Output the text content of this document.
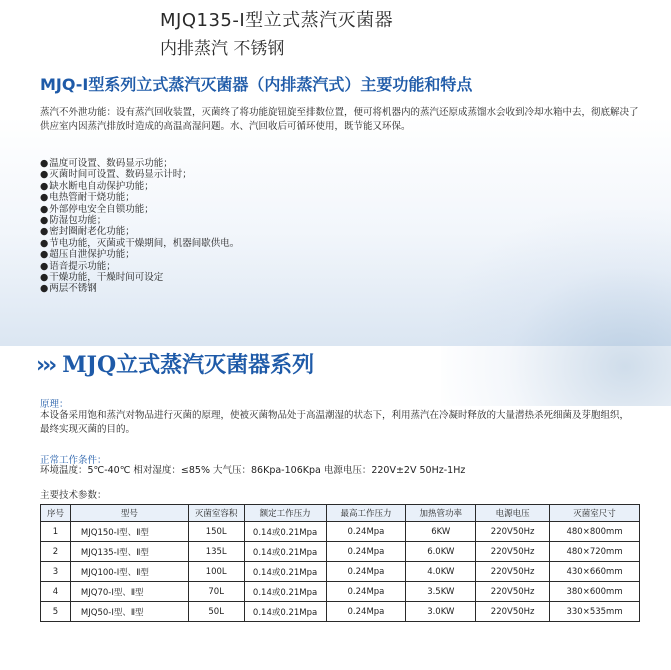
MJQ135-Ⅰ型立式蒸汽灭菌器
内排蒸汽 不锈钢
MJQ-Ⅰ型系列立式蒸汽灭菌器（内排蒸汽式）主要功能和特点
蒸汽不外泄功能：设有蒸汽回收装置，灭菌终了将功能旋钮旋至排数位置，便可将机器内的蒸汽还原成蒸馏水会收到冷却水箱中去，彻底解决了供应室内因蒸汽排放时造成的高温高湿问题。水、汽回收后可循环使用，既节能又环保。
● 温度可设置、数码显示功能；
● 灭菌时间可设置、数码显示计时；
● 缺水断电自动保护功能；
● 电热管耐干烧功能；
● 外部停电安全自锁功能；
● 防湿包功能；
● 密封圈耐老化功能；
● 节电功能，灭菌或干燥期间，机器间歇供电。
● 超压自泄保护功能；
● 语音提示功能；
● 干燥功能，干燥时间可设定
● 两层不锈钢
››› MJQ立式蒸汽灭菌器系列
原理：
本设备采用饱和蒸汽对物品进行灭菌的原理，使被灭菌物品处于高温潮湿的状态下，利用蒸汽在冷凝时释放的大量潜热杀死细菌及芽胞组织，最终实现灭菌的目的。
正常工作条件：
环境温度：5℃-40℃ 相对湿度：≤85% 大气压：86Kpa-106Kpa 电源电压：220V±2V 50Hz-1Hz
主要技术参数：
序号	型号	灭菌室容积	额定工作压力	最高工作压力	加热管功率	电源电压	灭菌室尺寸
1	MJQ150-Ⅰ型、Ⅱ型	150L	0.14或0.21Mpa	0.24Mpa	6KW	220V50Hz	480×800mm
2	MJQ135-Ⅰ型、Ⅱ型	135L	0.14或0.21Mpa	0.24Mpa	6.0KW	220V50Hz	480×720mm
3	MJQ100-Ⅰ型、Ⅱ型	100L	0.14或0.21Mpa	0.24Mpa	4.0KW	220V50Hz	430×660mm
4	MJQ70-Ⅰ型、Ⅱ型	70L	0.14或0.21Mpa	0.24Mpa	3.5KW	220V50Hz	380×600mm
5	MJQ50-Ⅰ型、Ⅱ型	50L	0.14或0.21Mpa	0.24Mpa	3.0KW	220V50Hz	330×535mm
